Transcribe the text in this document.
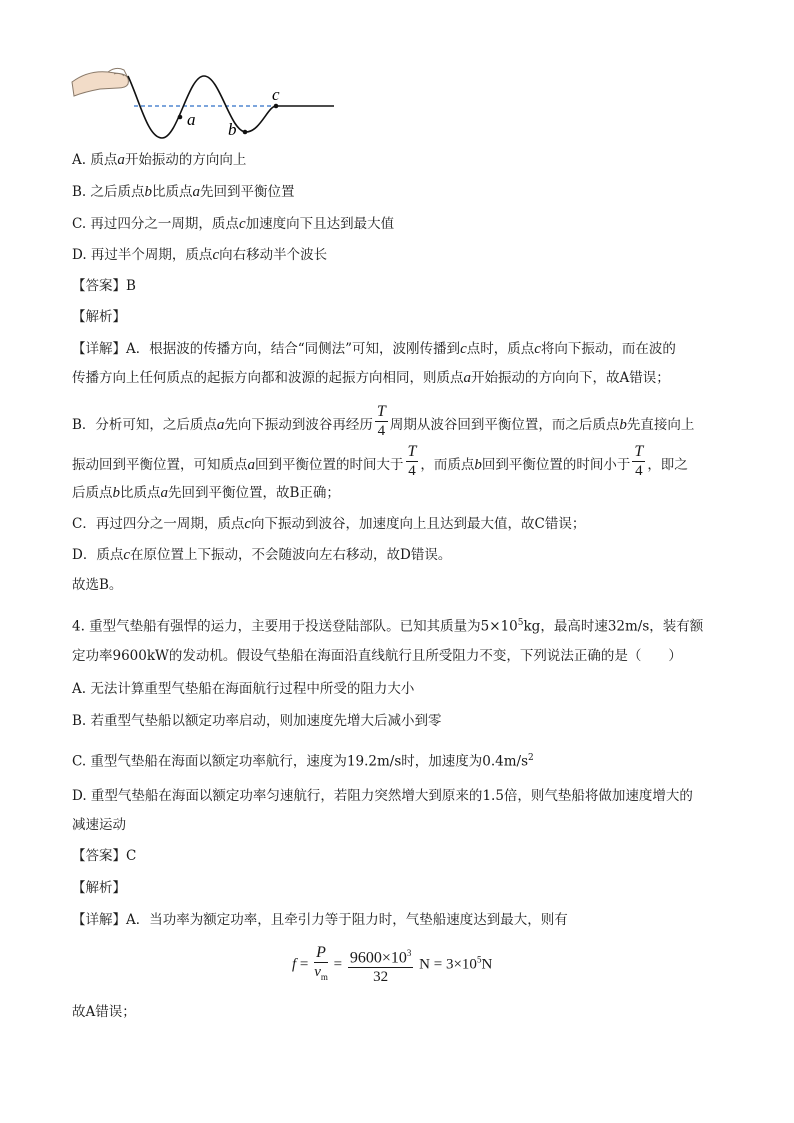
a
b
c
A. 质点a开始振动的方向向上
B. 之后质点b比质点a先回到平衡位置
C. 再过四分之一周期，质点c加速度向下且达到最大值
D. 再过半个周期，质点c向右移动半个波长
【答案】B
【解析】
【详解】A．根据波的传播方向，结合“同侧法”可知，波刚传播到c点时，质点c将向下振动，而在波的
传播方向上任何质点的起振方向都和波源的起振方向相同，则质点a开始振动的方向向下，故A错误；
B．分析可知，之后质点a先向下振动到波谷再经历 $\frac{T}{4}$ 周期从波谷回到平衡位置，而之后质点b先直接向上
振动回到平衡位置，可知质点a回到平衡位置的时间大于 $\frac{T}{4}$ ，而质点b回到平衡位置的时间小于 $\frac{T}{4}$ ，即之
后质点b比质点a先回到平衡位置，故B正确；
C．再过四分之一周期，质点c向下振动到波谷，加速度向上且达到最大值，故C错误；
D．质点c在原位置上下振动，不会随波向左右移动，故D错误。
故选B。
4. 重型气垫船有强悍的运力，主要用于投送登陆部队。已知其质量为$5\times 10^5kg$，最高时速32m/s，装有额
定功率9600kW的发动机。假设气垫船在海面沿直线航行且所受阻力不变，下列说法正确的是（　　）
A. 无法计算重型气垫船在海面航行过程中所受的阻力大小
B. 若重型气垫船以额定功率启动，则加速度先增大后减小到零
C. 重型气垫船在海面以额定功率航行，速度为19.2m/s时，加速度为$0.4m/s^2$
D. 重型气垫船在海面以额定功率匀速航行，若阻力突然增大到原来的1.5倍，则气垫船将做加速度增大的
减速运动
【答案】C
【解析】
【详解】A．当功率为额定功率，且牵引力等于阻力时，气垫船速度达到最大，则有
$f = \frac{P}{v_m} = \frac{9600\times 10^3}{32}$ $N = 3\times 10^5N$
故A错误；
